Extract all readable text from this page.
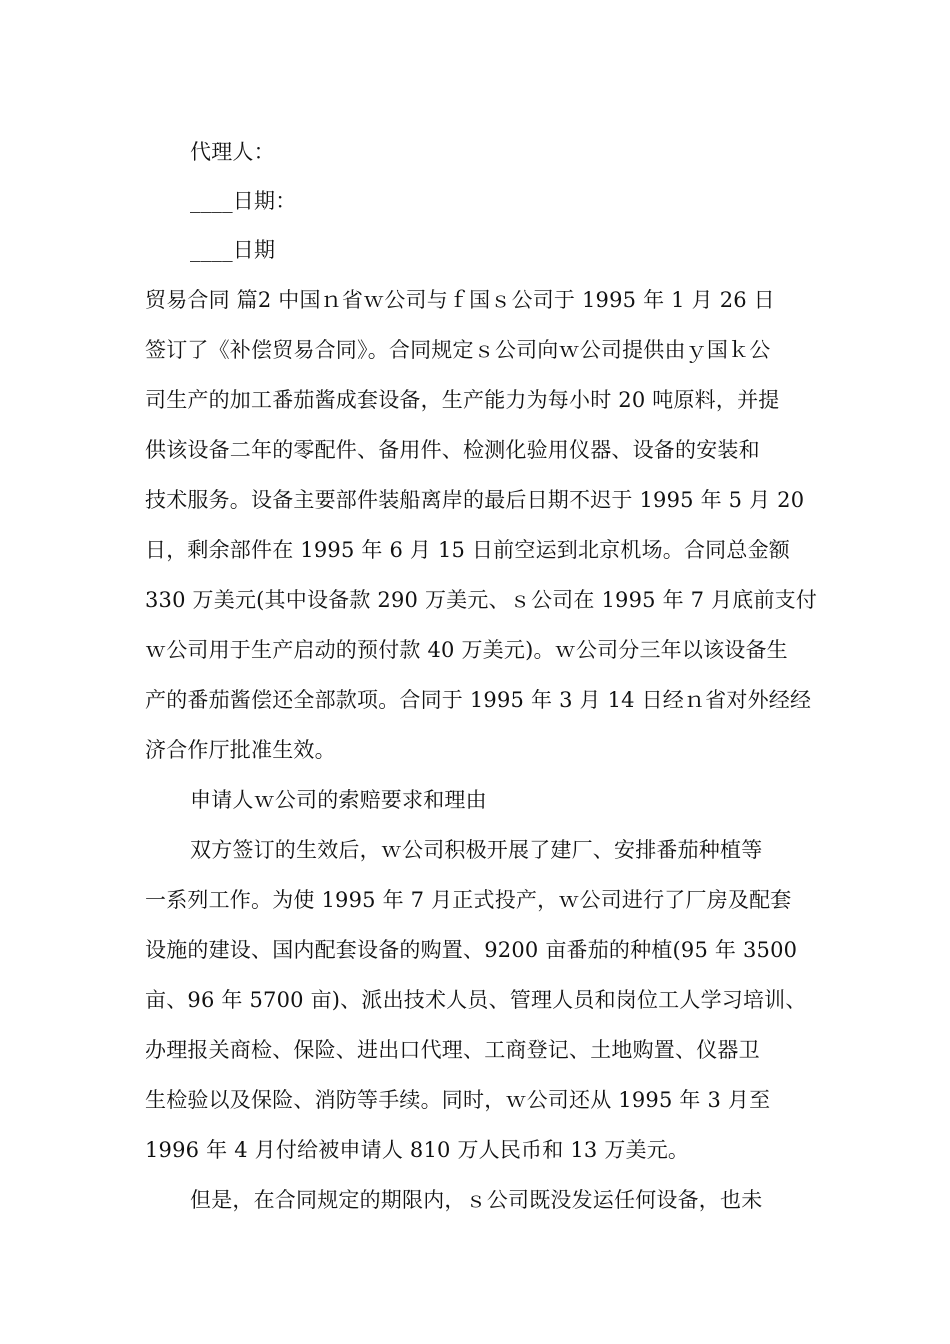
代理人：
____日期：
____日期
贸易合同 篇2 中国ｎ省ｗ公司与ｆ国ｓ公司于 1995 年 1 月 26 日
签订了《补偿贸易合同》。合同规定ｓ公司向ｗ公司提供由ｙ国ｋ公
司生产的加工番茄酱成套设备，生产能力为每小时 20 吨原料，并提
供该设备二年的零配件、备用件、检测化验用仪器、设备的安装和
技术服务。设备主要部件装船离岸的最后日期不迟于 1995 年 5 月 20
日，剩余部件在 1995 年 6 月 15 日前空运到北京机场。合同总金额
330 万美元(其中设备款 290 万美元、ｓ公司在 1995 年 7 月底前支付
ｗ公司用于生产启动的预付款 40 万美元)。ｗ公司分三年以该设备生
产的番茄酱偿还全部款项。合同于 1995 年 3 月 14 日经ｎ省对外经经
济合作厅批准生效。
申请人ｗ公司的索赔要求和理由
双方签订的生效后，ｗ公司积极开展了建厂、安排番茄种植等
一系列工作。为使 1995 年 7 月正式投产，ｗ公司进行了厂房及配套
设施的建设、国内配套设备的购置、9200 亩番茄的种植(95 年 3500
亩、96 年 5700 亩)、派出技术人员、管理人员和岗位工人学习培训、
办理报关商检、保险、进出口代理、工商登记、土地购置、仪器卫
生检验以及保险、消防等手续。同时，ｗ公司还从 1995 年 3 月至
1996 年 4 月付给被申请人 810 万人民币和 13 万美元。
但是，在合同规定的期限内，ｓ公司既没发运任何设备，也未
